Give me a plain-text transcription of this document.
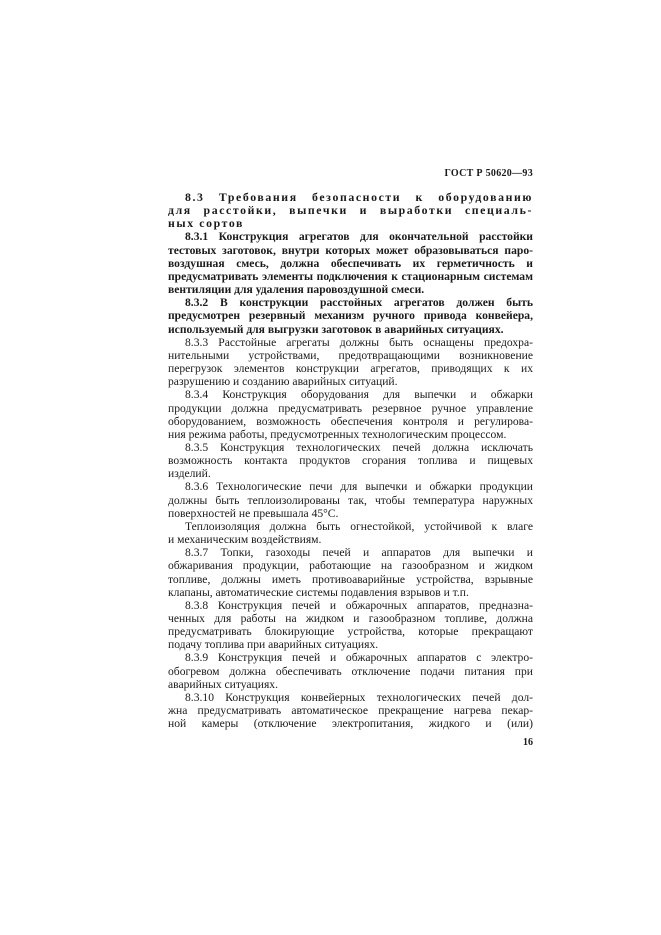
ГОСТ Р 50620—93
8.3 Требования безопасности к оборудованию
для расстойки, выпечки и выработки специаль-
ных сортов
8.3.1 Конструкция агрегатов для окончательной расстойки
тестовых заготовок, внутри которых может образовываться паро-
воздушная смесь, должна обеспечивать их герметичность и
предусматривать элементы подключения к стационарным системам
вентиляции для удаления паровоздушной смеси.
8.3.2 В конструкции расстойных агрегатов должен быть
предусмотрен резервный механизм ручного привода конвейера,
используемый для выгрузки заготовок в аварийных ситуациях.
8.3.3 Расстойные агрегаты должны быть оснащены предохра-
нительными устройствами, предотвращающими возникновение
перегрузок элементов конструкции агрегатов, приводящих к их
разрушению и созданию аварийных ситуаций.
8.3.4 Конструкция оборудования для выпечки и обжарки
продукции должна предусматривать резервное ручное управление
оборудованием, возможность обеспечения контроля и регулирова-
ния режима работы, предусмотренных технологическим процессом.
8.3.5 Конструкция технологических печей должна исключать
возможность контакта продуктов сгорания топлива и пищевых
изделий.
8.3.6 Технологические печи для выпечки и обжарки продукции
должны быть теплоизолированы так, чтобы температура наружных
поверхностей не превышала 45°С.
Теплоизоляция должна быть огнестойкой, устойчивой к влаге
и механическим воздействиям.
8.3.7 Топки, газоходы печей и аппаратов для выпечки и
обжаривания продукции, работающие на газообразном и жидком
топливе, должны иметь противоаварийные устройства, взрывные
клапаны, автоматические системы подавления взрывов и т.п.
8.3.8 Конструкция печей и обжарочных аппаратов, предназна-
ченных для работы на жидком и газообразном топливе, должна
предусматривать блокирующие устройства, которые прекращают
подачу топлива при аварийных ситуациях.
8.3.9 Конструкция печей и обжарочных аппаратов с электро-
обогревом должна обеспечивать отключение подачи питания при
аварийных ситуациях.
8.3.10 Конструкция конвейерных технологических печей дол-
жна предусматривать автоматическое прекращение нагрева пекар-
ной камеры (отключение электропитания, жидкого и (или)
16
